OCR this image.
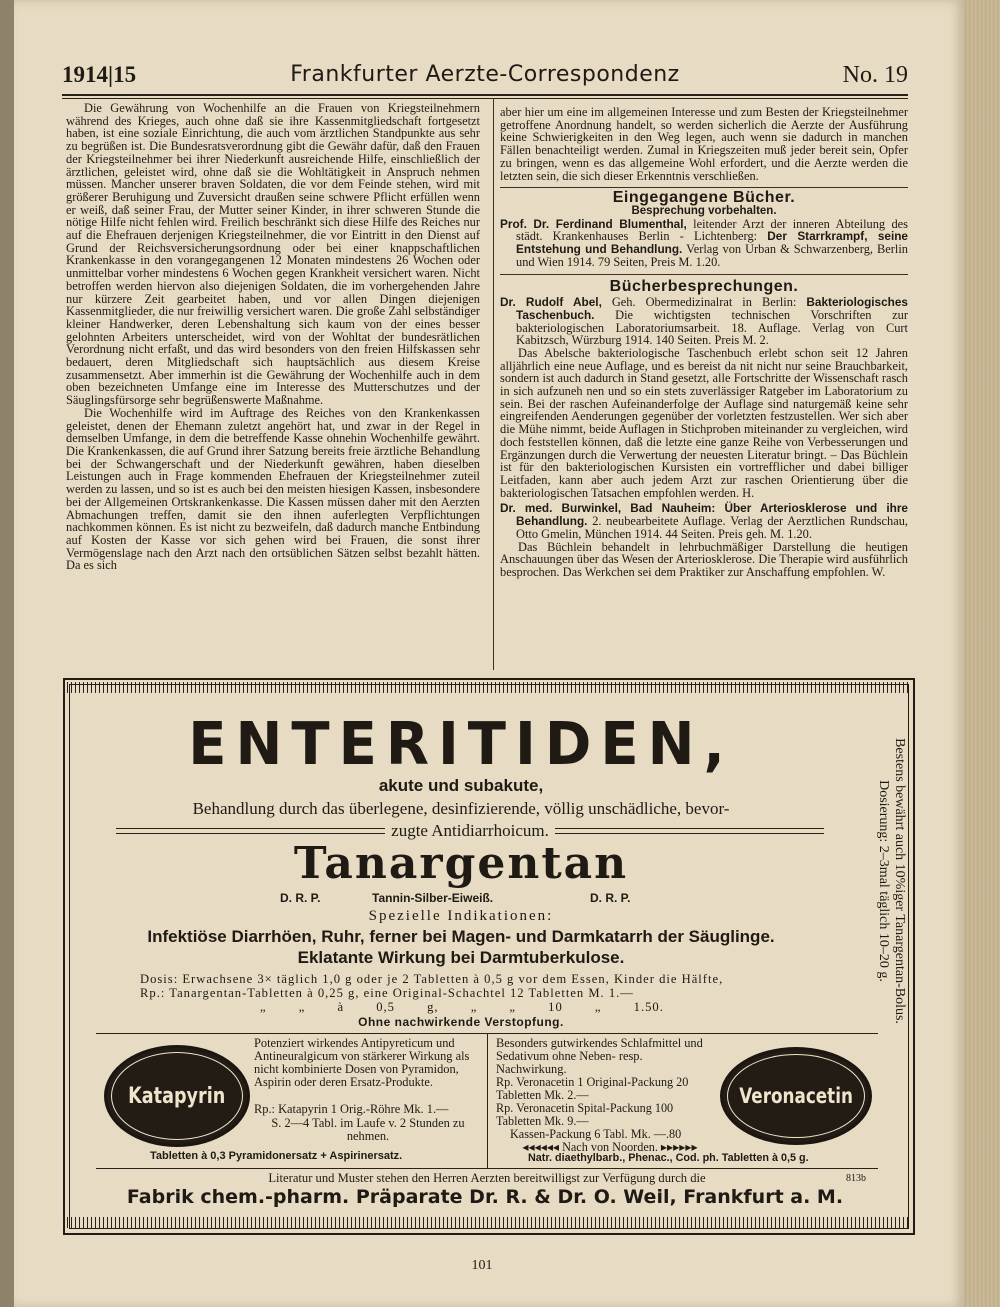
1914|15	Frankfurter Aerzte-Correspondenz	No. 19

Die Gewährung von Wochenhilfe an die Frauen von Kriegsteilnehmern während des Krieges, auch ohne daß sie ihre Kassenmitgliedschaft fortgesetzt haben, ist eine soziale Einrichtung, die auch vom ärztlichen Standpunkte aus sehr zu begrüßen ist. Die Bundesratsverordnung gibt die Gewähr dafür, daß den Frauen der Kriegsteilnehmer bei ihrer Niederkunft ausreichende Hilfe, einschließlich der ärztlichen, geleistet wird, ohne daß sie die Wohltätigkeit in Anspruch nehmen müssen. Mancher unserer braven Soldaten, die vor dem Feinde stehen, wird mit größerer Beruhigung und Zuversicht draußen seine schwere Pflicht erfüllen wenn er weiß, daß seiner Frau, der Mutter seiner Kinder, in ihrer schweren Stunde die nötige Hilfe nicht fehlen wird. Freilich beschränkt sich diese Hilfe des Reiches nur auf die Ehefrauen derjenigen Kriegsteilnehmer, die vor Eintritt in den Dienst auf Grund der Reichsversicherungsordnung oder bei einer knappschaftlichen Krankenkasse in den vorangegangenen 12 Monaten mindestens 26 Wochen oder unmittelbar vorher mindestens 6 Wochen gegen Krankheit versichert waren. Nicht betroffen werden hiervon also diejenigen Soldaten, die im vorhergehenden Jahre nur kürzere Zeit gearbeitet haben, und vor allen Dingen diejenigen Kassenmitglieder, die nur freiwillig versichert waren. Die große Zahl selbständiger kleiner Handwerker, deren Lebenshaltung sich kaum von der eines besser gelohnten Arbeiters unterscheidet, wird von der Wohltat der bundesrätlichen Verordnung nicht erfaßt, und das wird besonders von den freien Hilfskassen sehr bedauert, deren Mitgliedschaft sich hauptsächlich aus diesem Kreise zusammensetzt. Aber immerhin ist die Gewährung der Wochenhilfe auch in dem oben bezeichneten Umfange eine im Interesse des Mutterschutzes und der Säuglingsfürsorge sehr begrüßenswerte Maßnahme.

Die Wochenhilfe wird im Auftrage des Reiches von den Krankenkassen geleistet, denen der Ehemann zuletzt angehört hat, und zwar in der Regel in demselben Umfange, in dem die betreffende Kasse ohnehin Wochenhilfe gewährt. Die Krankenkassen, die auf Grund ihrer Satzung bereits freie ärztliche Behandlung bei der Schwangerschaft und der Niederkunft gewähren, haben dieselben Leistungen auch in Frage kommenden Ehefrauen der Kriegsteilnehmer zuteil werden zu lassen, und so ist es auch bei den meisten hiesigen Kassen, insbesondere bei der Allgemeinen Ortskrankenkasse. Die Kassen müssen daher mit den Aerzten Abmachungen treffen, damit sie den ihnen auferlegten Verpflichtungen nachkommen können. Es ist nicht zu bezweifeln, daß dadurch manche Entbindung auf Kosten der Kasse vor sich gehen wird bei Frauen, die sonst ihrer Vermögenslage nach den Arzt nach den ortsüblichen Sätzen selbst bezahlt hätten. Da es sich

aber hier um eine im allgemeinen Interesse und zum Besten der Kriegsteilnehmer getroffene Anordnung handelt, so werden sicherlich die Aerzte der Ausführung keine Schwierigkeiten in den Weg legen, auch wenn sie dadurch in manchen Fällen benachteiligt werden. Zumal in Kriegszeiten muß jeder bereit sein, Opfer zu bringen, wenn es das allgemeine Wohl erfordert, und die Aerzte werden die letzten sein, die sich dieser Erkenntnis verschließen.

Eingegangene Bücher.

Besprechung vorbehalten.

Prof. Dr. Ferdinand Blumenthal, leitender Arzt der inneren Abteilung des städt. Krankenhauses Berlin - Lichtenberg: Der Starrkrampf, seine Entstehung und Behandlung. Verlag von Urban & Schwarzenberg, Berlin und Wien 1914. 79 Seiten, Preis M. 1.20.

Bücherbesprechungen.

Dr. Rudolf Abel, Geh. Obermedizinalrat in Berlin: Bakteriologisches Taschenbuch. Die wichtigsten technischen Vorschriften zur bakteriologischen Laboratoriumsarbeit. 18. Auflage. Verlag von Curt Kabitzsch, Würzburg 1914. 140 Seiten. Preis M. 2.

Das Abelsche bakteriologische Taschenbuch erlebt schon seit 12 Jahren alljährlich eine neue Auflage, und es bereist da nit nicht nur seine Brauchbarkeit, sondern ist auch dadurch in Stand gesetzt, alle Fortschritte der Wissenschaft rasch in sich aufzuneh nen und so ein stets zuverlässiger Ratgeber im Laboratorium zu sein. Bei der raschen Aufeinanderfolge der Auflage sind naturgemäß keine sehr eingreifenden Aenderungen gegenüber der vorletzten festzustellen. Wer sich aber die Mühe nimmt, beide Auflagen in Stichproben miteinander zu vergleichen, wird doch feststellen können, daß die letzte eine ganze Reihe von Verbesserungen und Ergänzungen durch die Verwertung der neuesten Literatur bringt. – Das Büchlein ist für den bakteriologischen Kursisten ein vortrefflicher und dabei billiger Leitfaden, kann aber auch jedem Arzt zur raschen Orientierung über die bakteriologischen Tatsachen empfohlen werden. H.

Dr. med. Burwinkel, Bad Nauheim: Über Arteriosklerose und ihre Behandlung. 2. neubearbeitete Auflage. Verlag der Aerztlichen Rundschau, Otto Gmelin, München 1914. 44 Seiten. Preis geh. M. 1.20.

Das Büchlein behandelt in lehrbuchmäßiger Darstellung die heutigen Anschauungen über das Wesen der Arteriosklerose. Die Therapie wird ausführlich besprochen. Das Werkchen sei dem Praktiker zur Anschaffung empfohlen. W.

ENTERITIDEN,
akute und subakute,
Behandlung durch das überlegene, desinfizierende, völlig unschädliche, bevor-
zugte Antidiarrhoicum.
Tanargentan
D. R. P.	Tannin-Silber-Eiweiß.	D. R. P.
Spezielle Indikationen:
Infektiöse Diarrhöen, Ruhr, ferner bei Magen- und Darmkatarrh der Säuglinge.
Eklatante Wirkung bei Darmtuberkulose.
Dosis: Erwachsene 3× täglich 1,0 g oder je 2 Tabletten à 0,5 g vor dem Essen, Kinder die Hälfte,
Rp.: Tanargentan-Tabletten à 0,25 g, eine Original-Schachtel 12 Tabletten M. 1.—
„ „ à 0,5 g, „ „ 10 „ 1.50.
Ohne nachwirkende Verstopfung.	Bestens bewährt auch 10%iger Tanargentan-Bolus. Dosierung: 2–3mal täglich 10–20 g.
Katapyrin
Potenziert wirkendes Antipyreticum und Antineuralgicum von stärkerer Wirkung als nicht kombinierte Dosen von Pyramidon, Aspirin oder deren Ersatz-Produkte.
Rp.: Katapyrin 1 Orig.-Röhre Mk. 1.—
S. 2—4 Tabl. im Laufe v. 2 Stunden zu nehmen.
Tabletten à 0,3 Pyramidonersatz + Aspirinersatz.
Besonders gutwirkendes Schlafmittel und Sedativum ohne Neben- resp. Nachwirkung.
Rp. Veronacetin 1 Original-Packung 20 Tabletten Mk. 2.—
Rp. Veronacetin Spital-Packung 100 Tabletten Mk. 9.—
Kassen-Packung 6 Tabl. Mk. —.80
◂◂◂◂◂◂ Nach von Noorden. ▸▸▸▸▸▸
Veronacetin
Natr. diaethylbarb., Phenac., Cod. ph. Tabletten à 0,5 g.
Literatur und Muster stehen den Herren Aerzten bereitwilligst zur Verfügung durch die	813b
Fabrik chem.-pharm. Präparate Dr. R. & Dr. O. Weil, Frankfurt a. M.
101
